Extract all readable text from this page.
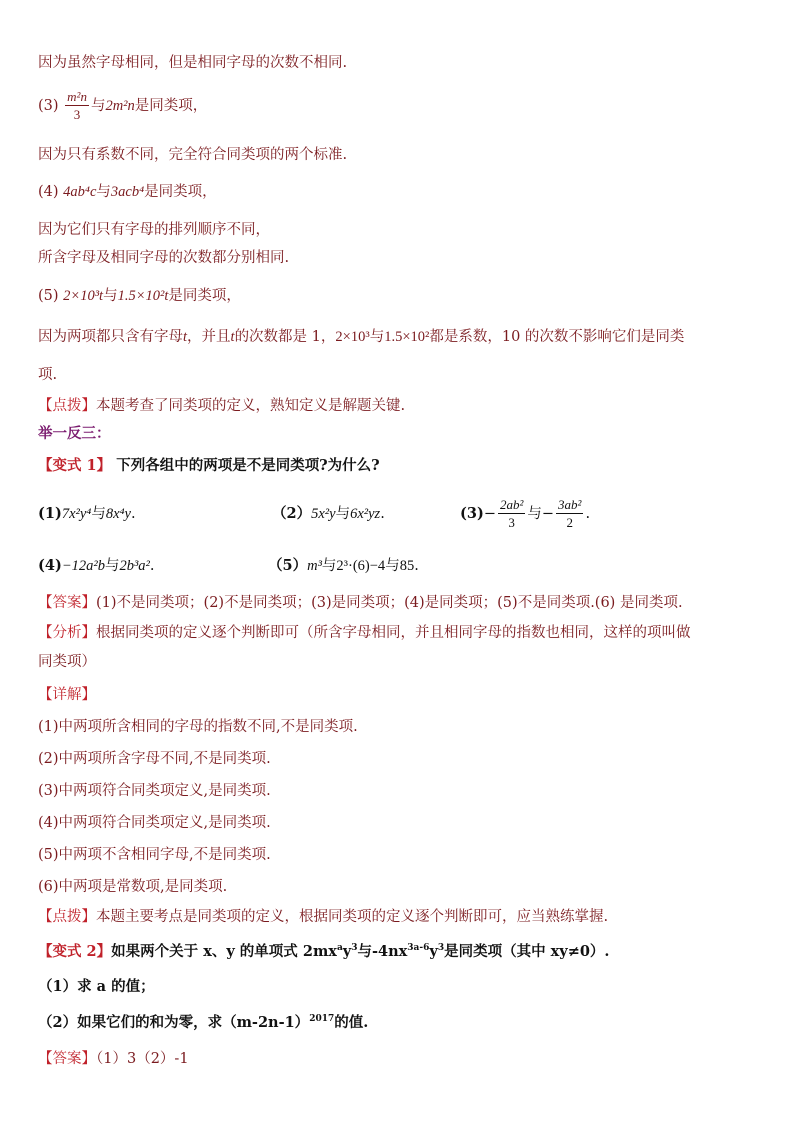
因为虽然字母相同，但是相同字母的次数不相同.
$(3) \frac{\text{m²n}}{3}$ 与2m²n是同类项，
因为只有系数不同，完全符合同类项的两个标准.
(4) 4ab⁴c与3acb⁴是同类项，
因为它们只有字母的排列顺序不同，
所含字母及相同字母的次数都分别相同.
(5) 2×10³t与1.5×10²t是同类项，
因为两项都只含有字母t，并且t的次数都是 1，2×10³与1.5×10²都是系数，10 的次数不影响它们是同类
项.
【点拨】本题考查了同类项的定义，熟知定义是解题关键.
举一反三：
【变式 1】 下列各组中的两项是不是同类项?为什么?
(1)7x²y⁴与8x⁴y.	（2）5x²y与6x²yz.	$(3)- \frac{\text{2ab²}}{3}$ 与− $\frac{\text{3ab²}}{2}$ .
(4)−12a²b与2b³a².	（5）m³与2³·(6)−4与85.
【答案】(1)不是同类项；(2)不是同类项；(3)是同类项；(4)是同类项；(5)不是同类项.(6) 是同类项.
【分析】根据同类项的定义逐个判断即可（所含字母相同，并且相同字母的指数也相同，这样的项叫做
同类项）
【详解】
(1)中两项所含相同的字母的指数不同,不是同类项.
(2)中两项所含字母不同,不是同类项.
(3)中两项符合同类项定义,是同类项.
(4)中两项符合同类项定义,是同类项.
(5)中两项不含相同字母,不是同类项.
(6)中两项是常数项,是同类项.
【点拨】本题主要考点是同类项的定义，根据同类项的定义逐个判断即可，应当熟练掌握.
【变式 2】如果两个关于 x、y 的单项式 $2mx^ay^3$与$-4nx^{3a-6}y^3$是同类项（其中 xy≠0）.
（1）求 a 的值；
（2）如果它们的和为零，求$(m-2n-1)^{2017}$的值.
【答案】（1）3（2）-1
